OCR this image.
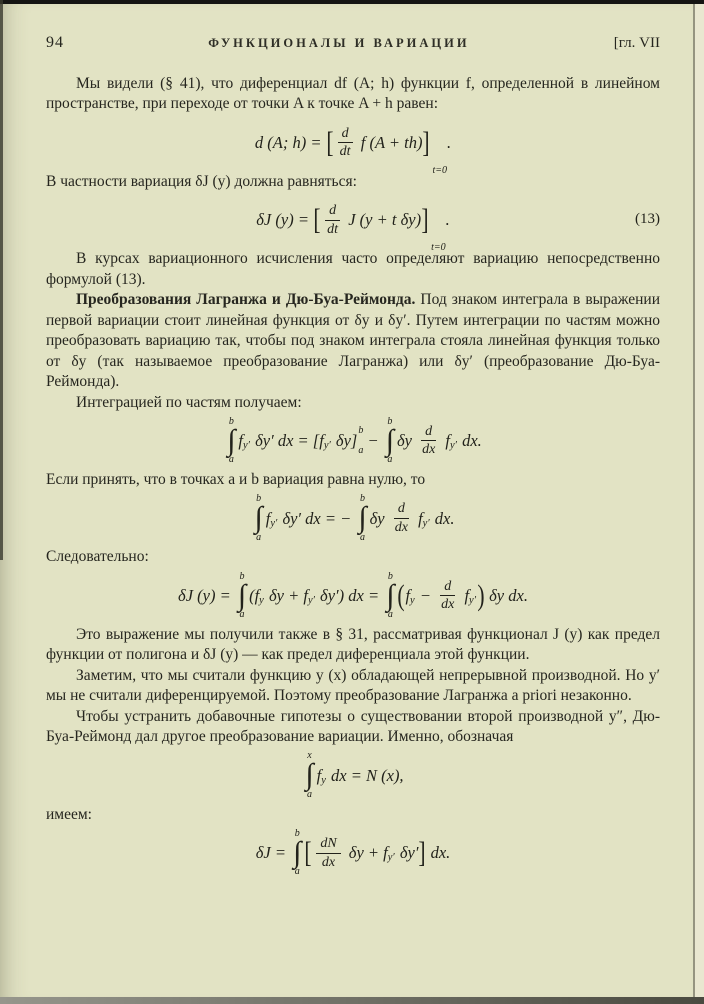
94	ФУНКЦИОНАЛЫ И ВАРИАЦИИ	[гл. VII

Мы видели (§ 41), что диференциал df (A; h) функции f, определенной в линейном пространстве, при переходе от точки A к точке A + h равен:

d (A; h) = [ $\frac{d}{dt}$ f (A + th) ]
t=0
.

В частности вариация δJ (y) должна равняться:

(13)
δJ (y) = [ $\frac{d}{dt}$ J (y + t δy) ]
t=0
.

В курсах вариационного исчисления часто определяют вариацию непосредственно формулой (13).

Преобразования Лагранжа и Дю-Буа-Реймонда. Под знаком интеграла в выражении первой вариации стоит линейная функция от δy и δy′. Путем интеграции по частям можно преобразовать вариацию так, чтобы под знаком интеграла стояла линейная функция только от δy (так называемое преобразование Лагранжа) или δy′ (преобразование Дю-Буа-Реймонда).

Интеграцией по частям получаем:

b
∫
a
f y′ δy′ dx = [f y′ δy]
b
a
−
b
∫
a
δy $\frac{d}{dx}$ f y′ dx.

Если принять, что в точках a и b вариация равна нулю, то

b
∫
a
f y′ δy′ dx = −
b
∫
a
δy $\frac{d}{dx}$ f y′ dx.

Следовательно:

δJ (y) =
b
∫
a
(f y δy + f y′ δy′) dx =
b
∫
a
( f $y - \frac{d}{dx}$ f y′ ) δy dx.

Это выражение мы получили также в § 31, рассматривая функционал J (y) как предел функции от полигона и δJ (y) — как предел диференциала этой функции.

Заметим, что мы считали функцию y (x) обладающей непрерывной производной. Но y′ мы не считали диференцируемой. Поэтому преобразование Лагранжа a priori незаконно.

Чтобы устранить добавочные гипотезы о существовании второй производной y″, Дю-Буа-Реймонд дал другое преобразование вариации. Именно, обозначая

x
∫
a
f y dx = N (x),

имеем:

δJ =
b
∫
a
[ $\frac{dN}{dx}$ δy + f y′ δy′ ] dx.
